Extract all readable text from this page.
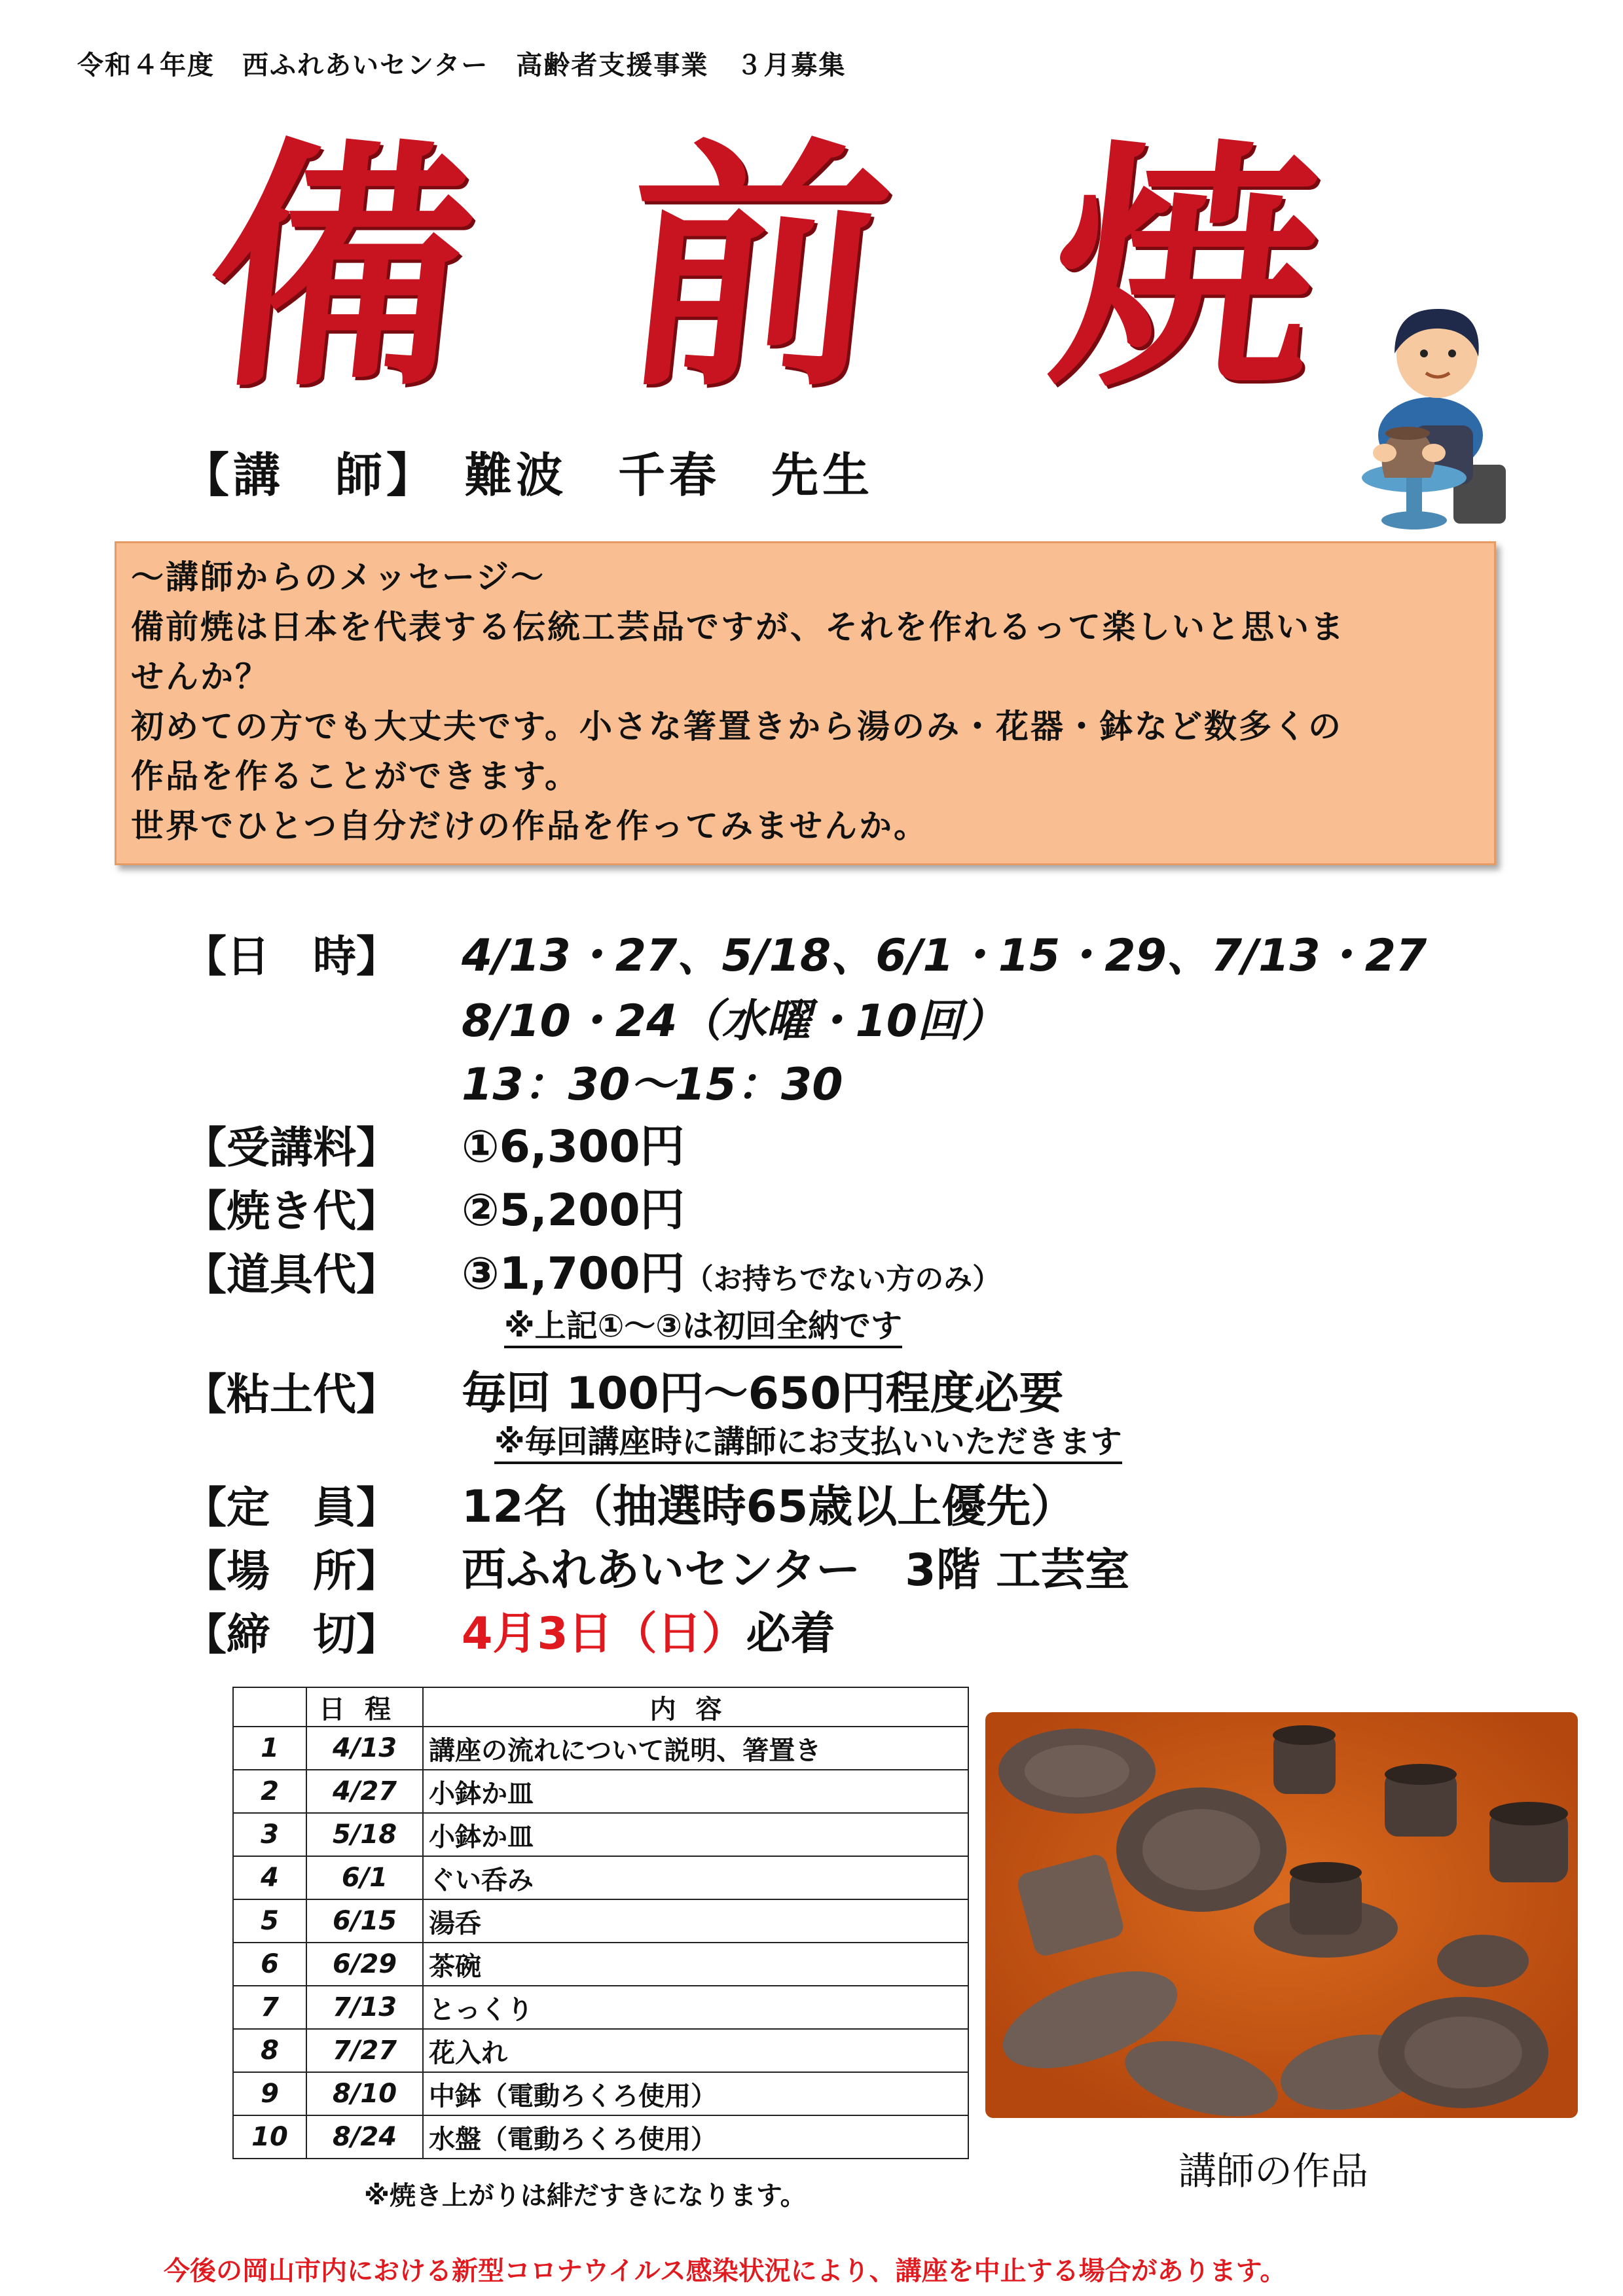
令和４年度　西ふれあいセンター　高齢者支援事業　３月募集
備 前 焼
【講　師】　難波　千春　先生
～講師からのメッセージ～
備前焼は日本を代表する伝統工芸品ですが、それを作れるって楽しいと思いま
せんか？
初めての方でも大丈夫です。小さな箸置きから湯のみ・花器・鉢など数多くの
作品を作ることができます。
世界でひとつ自分だけの作品を作ってみませんか。
【日　時】 4/13・27、5/18、6/1・15・29、7/13・27
8/10・24（水曜・10回）
13：30～15：30
【受講料】 ①6,300円
【焼き代】 ②5,200円
【道具代】 ③1,700円（お持ちでない方のみ）
※上記①～③は初回全納です
【粘土代】 毎回 100円～650円程度必要
※毎回講座時に講師にお支払いいただきます
【定　員】 12名（抽選時65歳以上優先）
【場　所】 西ふれあいセンター　3階 工芸室
【締　切】 4月3日（日）必着
	日程	内容
1	4/13	講座の流れについて説明、箸置き
2	4/27	小鉢か皿
3	5/18	小鉢か皿
4	6/1	ぐい呑み
5	6/15	湯呑
6	6/29	茶碗
7	7/13	とっくり
8	7/27	花入れ
9	8/10	中鉢（電動ろくろ使用）
10	8/24	水盤（電動ろくろ使用）
講師の作品
※焼き上がりは緋だすきになります。
今後の岡山市内における新型コロナウイルス感染状況により、講座を中止する場合があります。
